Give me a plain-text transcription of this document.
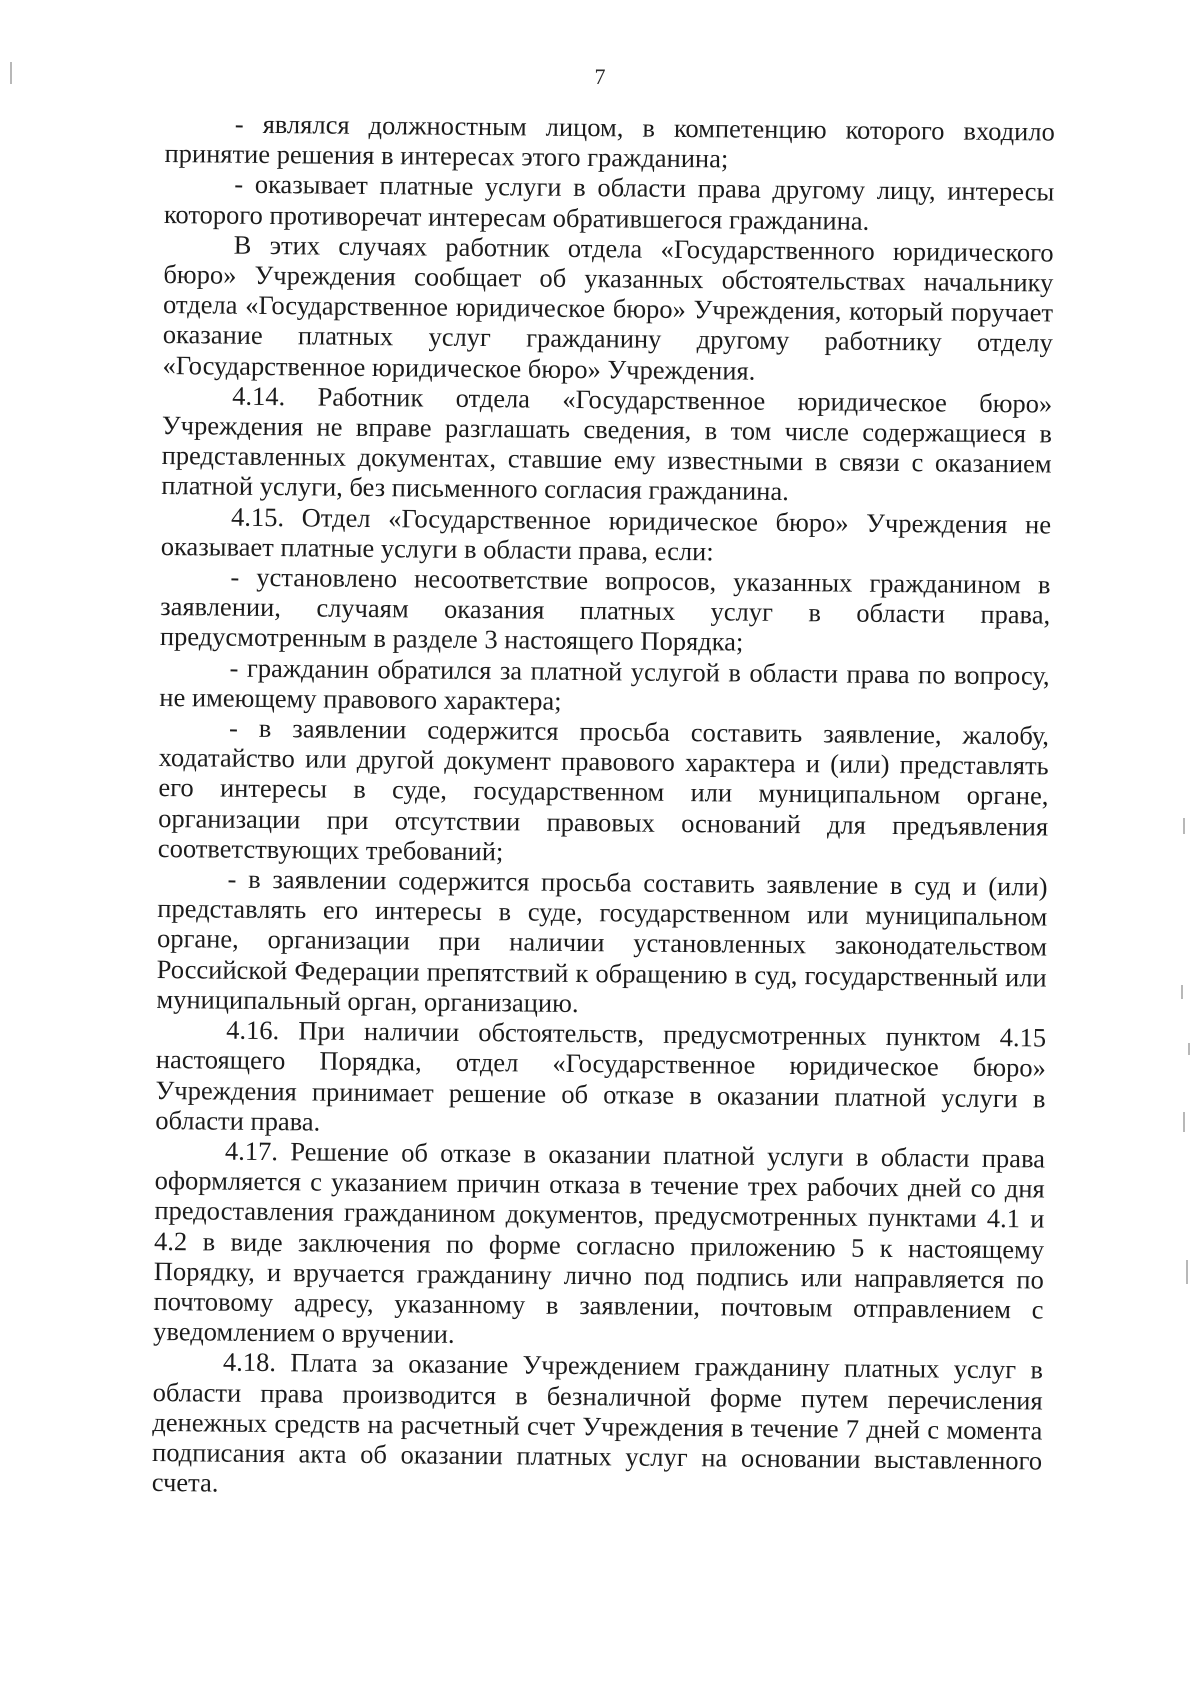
7

- являлся должностным лицом, в компетенцию которого входило принятие решения в интересах этого гражданина;

- оказывает платные услуги в области права другому лицу, интересы которого противоречат интересам обратившегося гражданина.

В этих случаях работник отдела «Государственного юридического бюро» Учреждения сообщает об указанных обстоятельствах начальнику отдела «Государственное юридическое бюро» Учреждения, который поручает оказание платных услуг гражданину другому работнику отделу «Государственное юридическое бюро» Учреждения.

4.14. Работник отдела «Государственное юридическое бюро» Учреждения не вправе разглашать сведения, в том числе содержащиеся в представленных документах, ставшие ему известными в связи с оказанием платной услуги, без письменного согласия гражданина.

4.15. Отдел «Государственное юридическое бюро» Учреждения не оказывает платные услуги в области права, если:

- установлено несоответствие вопросов, указанных гражданином в заявлении, случаям оказания платных услуг в области права, предусмотренным в разделе 3 настоящего Порядка;

- гражданин обратился за платной услугой в области права по вопросу, не имеющему правового характера;

- в заявлении содержится просьба составить заявление, жалобу, ходатайство или другой документ правового характера и (или) представлять его интересы в суде, государственном или муниципальном органе, организации при отсутствии правовых оснований для предъявления соответствующих требований;

- в заявлении содержится просьба составить заявление в суд и (или) представлять его интересы в суде, государственном или муниципальном органе, организации при наличии установленных законодательством Российской Федерации препятствий к обращению в суд, государственный или муниципальный орган, организацию.

4.16. При наличии обстоятельств, предусмотренных пунктом 4.15 настоящего Порядка, отдел «Государственное юридическое бюро» Учреждения принимает решение об отказе в оказании платной услуги в области права.

4.17. Решение об отказе в оказании платной услуги в области права оформляется с указанием причин отказа в течение трех рабочих дней со дня предоставления гражданином документов, предусмотренных пунктами 4.1 и 4.2 в виде заключения по форме согласно приложению 5 к настоящему Порядку, и вручается гражданину лично под подпись или направляется по почтовому адресу, указанному в заявлении, почтовым отправлением с уведомлением о вручении.

4.18. Плата за оказание Учреждением гражданину платных услуг в области права производится в безналичной форме путем перечисления денежных средств на расчетный счет Учреждения в течение 7 дней с момента подписания акта об оказании платных услуг на основании выставленного счета.
